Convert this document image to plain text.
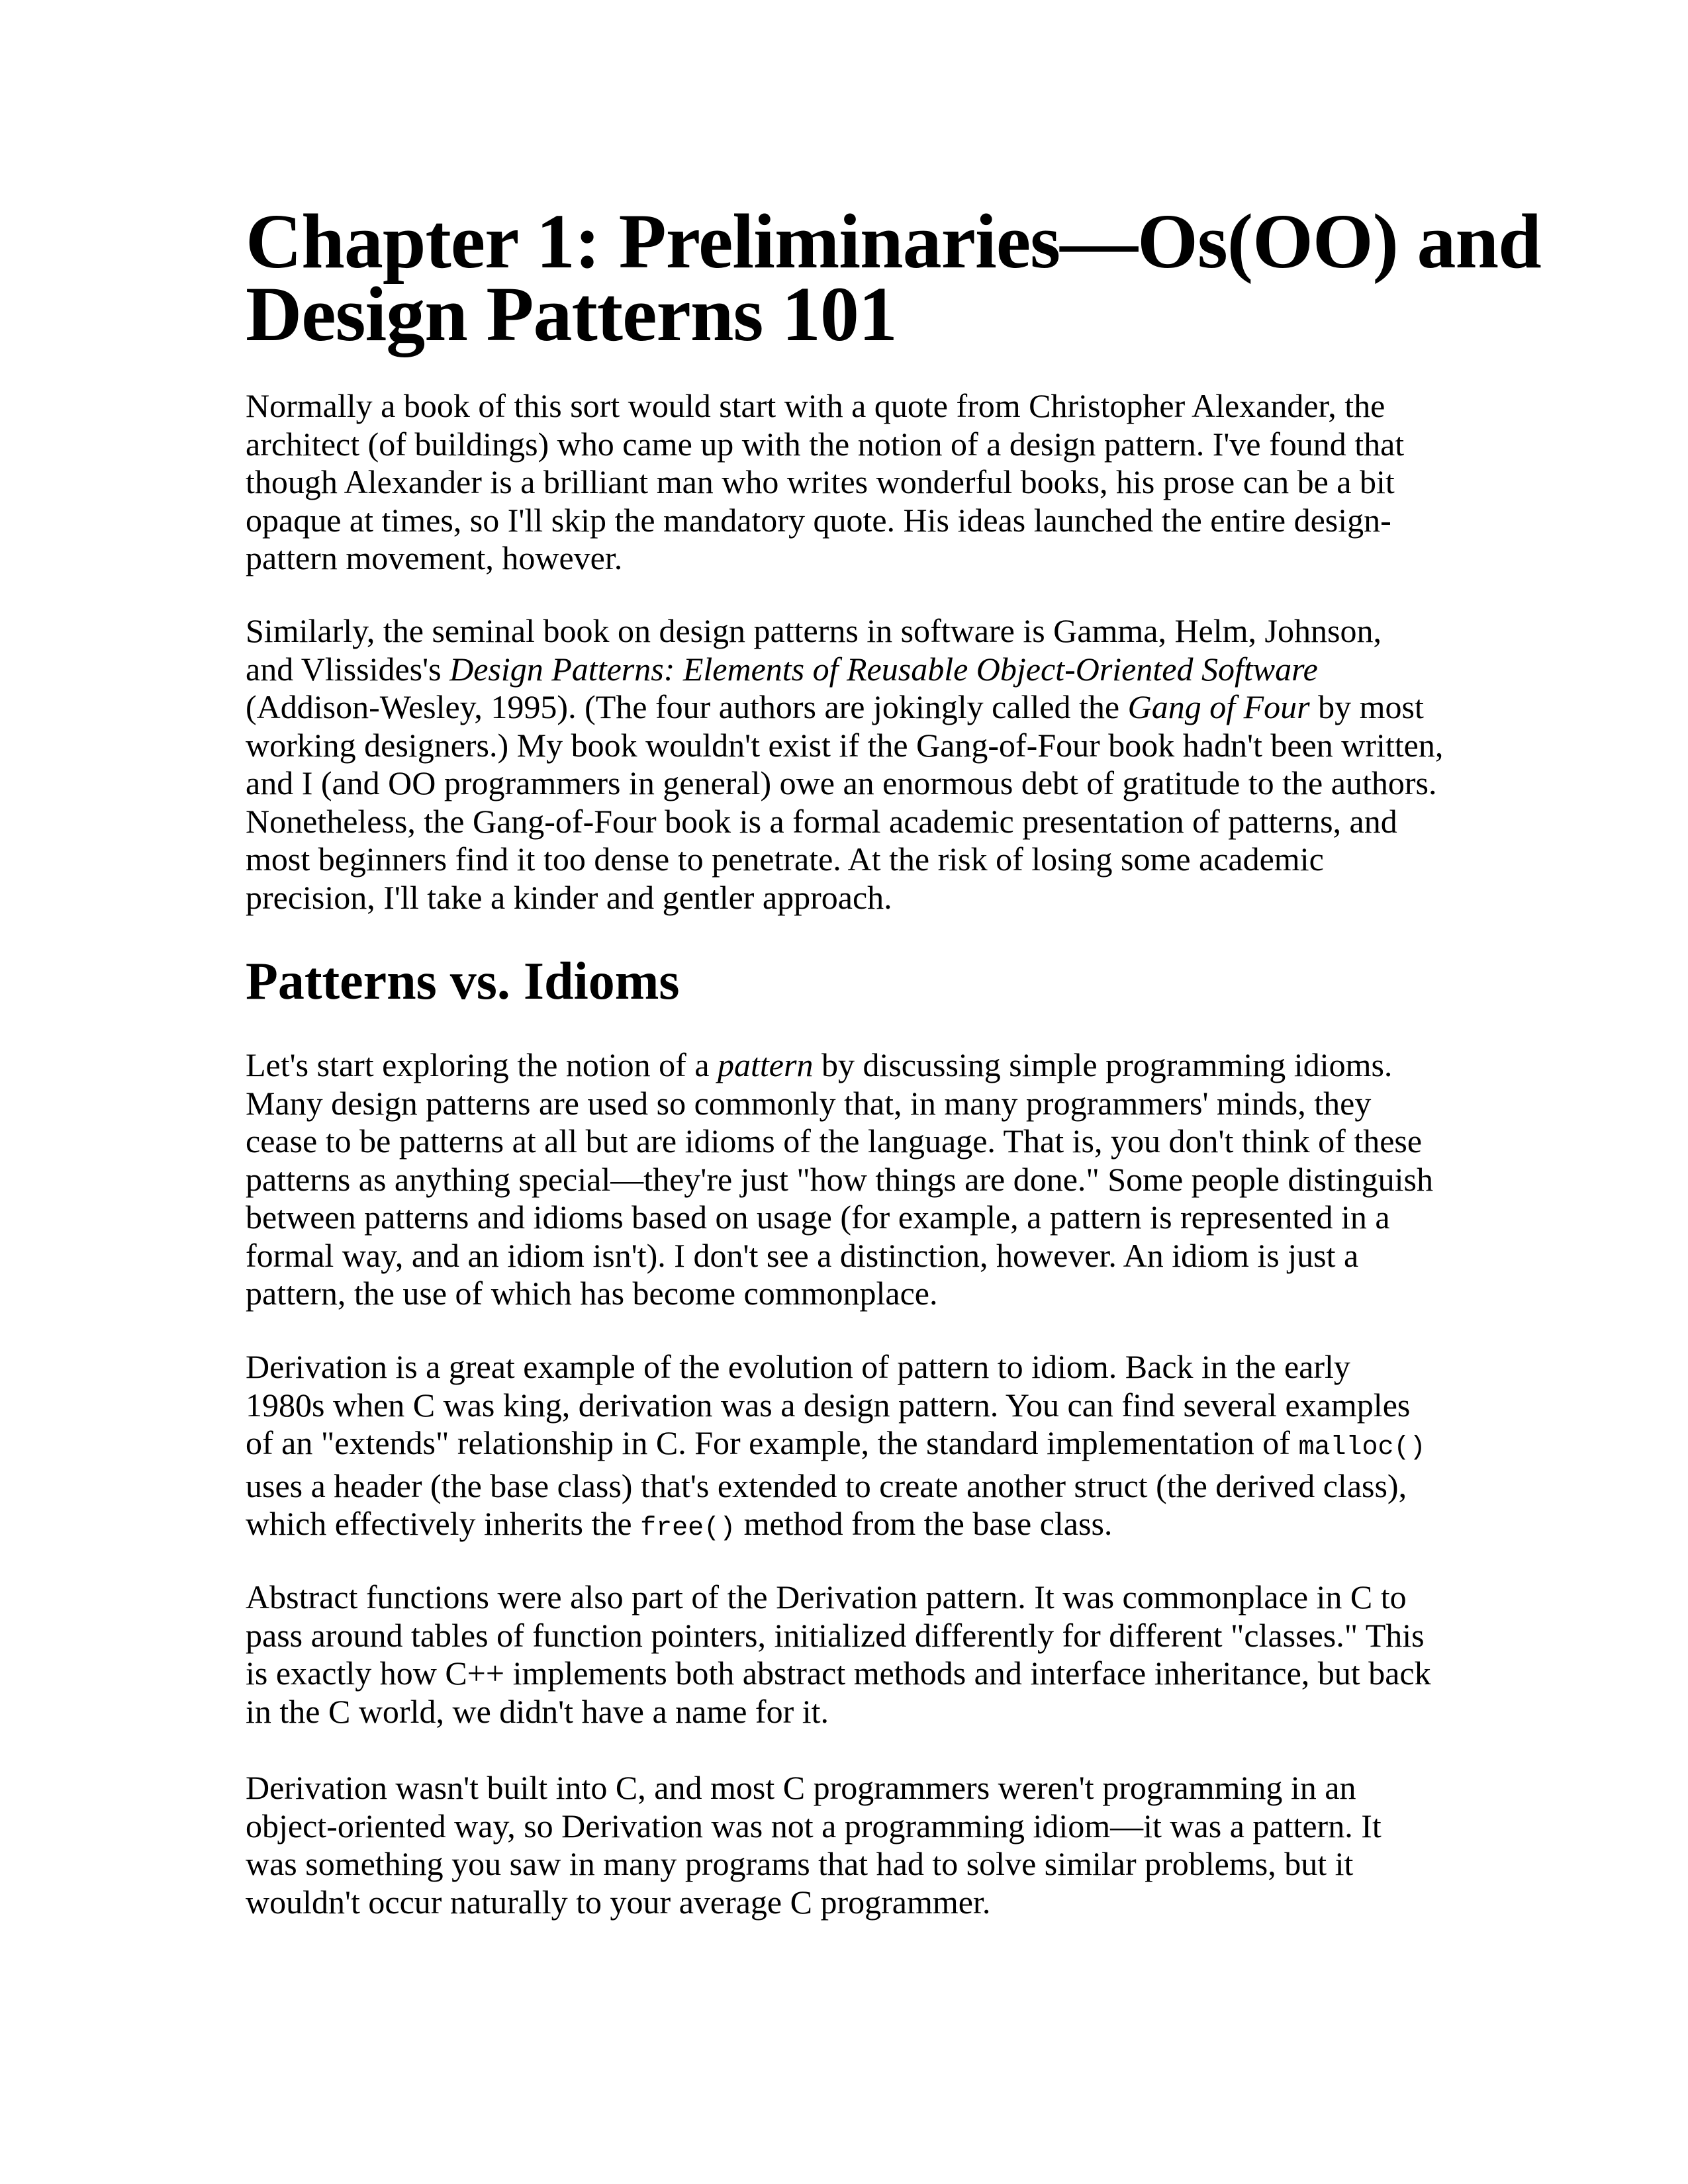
Chapter 1: Preliminaries—Os(OO) and
Design Patterns 101
Normally a book of this sort would start with a quote from Christopher Alexander, the
architect (of buildings) who came up with the notion of a design pattern. I've found that
though Alexander is a brilliant man who writes wonderful books, his prose can be a bit
opaque at times, so I'll skip the mandatory quote. His ideas launched the entire design-
pattern movement, however.
Similarly, the seminal book on design patterns in software is Gamma, Helm, Johnson,
and Vlissides's Design Patterns: Elements of Reusable Object-Oriented Software
(Addison-Wesley, 1995). (The four authors are jokingly called the Gang of Four by most
working designers.) My book wouldn't exist if the Gang-of-Four book hadn't been written,
and I (and OO programmers in general) owe an enormous debt of gratitude to the authors.
Nonetheless, the Gang-of-Four book is a formal academic presentation of patterns, and
most beginners find it too dense to penetrate. At the risk of losing some academic
precision, I'll take a kinder and gentler approach.
Patterns vs. Idioms
Let's start exploring the notion of a pattern by discussing simple programming idioms.
Many design patterns are used so commonly that, in many programmers' minds, they
cease to be patterns at all but are idioms of the language. That is, you don't think of these
patterns as anything special—they're just "how things are done." Some people distinguish
between patterns and idioms based on usage (for example, a pattern is represented in a
formal way, and an idiom isn't). I don't see a distinction, however. An idiom is just a
pattern, the use of which has become commonplace.
Derivation is a great example of the evolution of pattern to idiom. Back in the early
1980s when C was king, derivation was a design pattern. You can find several examples
of an "extends" relationship in C. For example, the standard implementation of malloc()
uses a header (the base class) that's extended to create another struct (the derived class),
which effectively inherits the free() method from the base class.
Abstract functions were also part of the Derivation pattern. It was commonplace in C to
pass around tables of function pointers, initialized differently for different "classes." This
is exactly how C++ implements both abstract methods and interface inheritance, but back
in the C world, we didn't have a name for it.
Derivation wasn't built into C, and most C programmers weren't programming in an
object-oriented way, so Derivation was not a programming idiom—it was a pattern. It
was something you saw in many programs that had to solve similar problems, but it
wouldn't occur naturally to your average C programmer.
